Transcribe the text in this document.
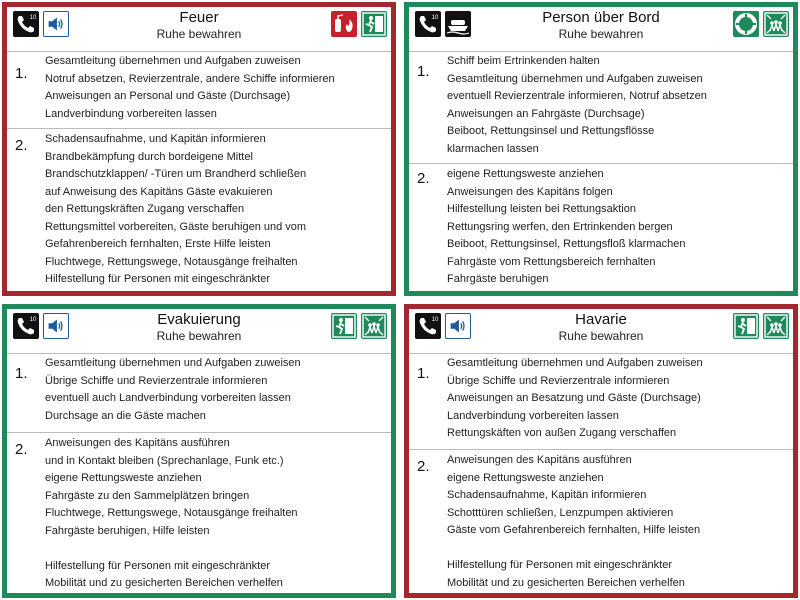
10	Feuer
Ruhe bewahren
1.
Gesamtleitung übernehmen und Aufgaben zuweisen
Notruf absetzen, Revierzentrale, andere Schiffe informieren
Anweisungen an Personal und Gäste (Durchsage)
Landverbindung vorbereiten lassen
2. Schadensaufnahme, und Kapitän informieren
Brandbekämpfung durch bordeigene Mittel
Brandschutzklappen/ -Türen um Brandherd schließen
auf Anweisung des Kapitäns Gäste evakuieren
den Rettungskräften Zugang verschaffen
Rettungsmittel vorbereiten, Gäste beruhigen und vom
Gefahrenbereich fernhalten, Erste Hilfe leisten
Fluchtwege, Rettungswege, Notausgänge freihalten
Hilfestellung für Personen mit eingeschränkter
10	Person über Bord
Ruhe bewahren
1.
Schiff beim Ertrinkenden halten
Gesamtleitung übernehmen und Aufgaben zuweisen
eventuell Revierzentrale informieren, Notruf absetzen
Anweisungen an Fahrgäste (Durchsage)
Beiboot, Rettungsinsel und Rettungsflösse
klarmachen lassen
2. eigene Rettungsweste anziehen
Anweisungen des Kapitäns folgen
Hilfestellung leisten bei Rettungsaktion
Rettungsring werfen, den Ertrinkenden bergen
Beiboot, Rettungsinsel, Rettungsfloß klarmachen
Fahrgäste vom Rettungsbereich fernhalten
Fahrgäste beruhigen
10	Evakuierung
Ruhe bewahren
1.
Gesamtleitung übernehmen und Aufgaben zuweisen
Übrige Schiffe und Revierzentrale informieren
eventuell auch Landverbindung vorbereiten lassen
Durchsage an die Gäste machen
2. Anweisungen des Kapitäns ausführen
und in Kontakt bleiben (Sprechanlage, Funk etc.)
eigene Rettungsweste anziehen
Fahrgäste zu den Sammelplätzen bringen
Fluchtwege, Rettungswege, Notausgänge freihalten
Fahrgäste beruhigen, Hilfe leisten
Hilfestellung für Personen mit eingeschränkter
Mobilität und zu gesicherten Bereichen verhelfen
10	Havarie
Ruhe bewahren
1.
Gesamtleitung übernehmen und Aufgaben zuweisen
Übrige Schiffe und Revierzentrale informieren
Anweisungen an Besatzung und Gäste (Durchsage)
Landverbindung vorbereiten lassen
Rettungskäften von außen Zugang verschaffen
2. Anweisungen des Kapitäns ausführen
eigene Rettungsweste anziehen
Schadensaufnahme, Kapitän informieren
Schotttüren schließen, Lenzpumpen aktivieren
Gäste vom Gefahrenbereich fernhalten, Hilfe leisten
Hilfestellung für Personen mit eingeschränkter
Mobilität und zu gesicherten Bereichen verhelfen
